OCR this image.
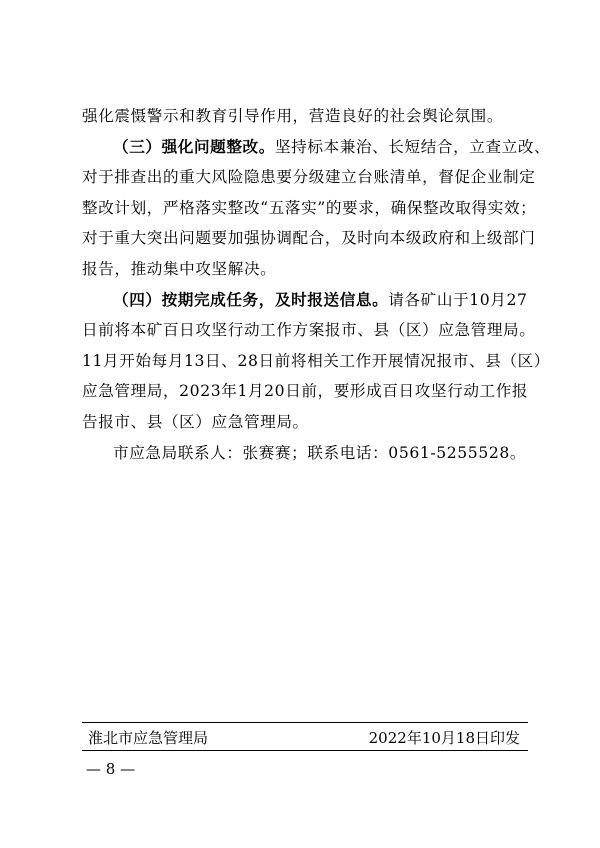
强化震慑警示和教育引导作用，营造良好的社会舆论氛围。
（三）强化问题整改。坚持标本兼治、长短结合，立查立改、
对于排查出的重大风险隐患要分级建立台账清单，督促企业制定
整改计划，严格落实整改“五落实”的要求，确保整改取得实效；
对于重大突出问题要加强协调配合，及时向本级政府和上级部门
报告，推动集中攻坚解决。
（四）按期完成任务，及时报送信息。请各矿山于10月27
日前将本矿百日攻坚行动工作方案报市、县（区）应急管理局。
11月开始每月13日、28日前将相关工作开展情况报市、县（区）
应急管理局，2023年1月20日前，要形成百日攻坚行动工作报
告报市、县（区）应急管理局。
市应急局联系人：张赛赛；联系电话：0561-5255528。
淮北市应急管理局	2022年10月18日印发
— 8 —
